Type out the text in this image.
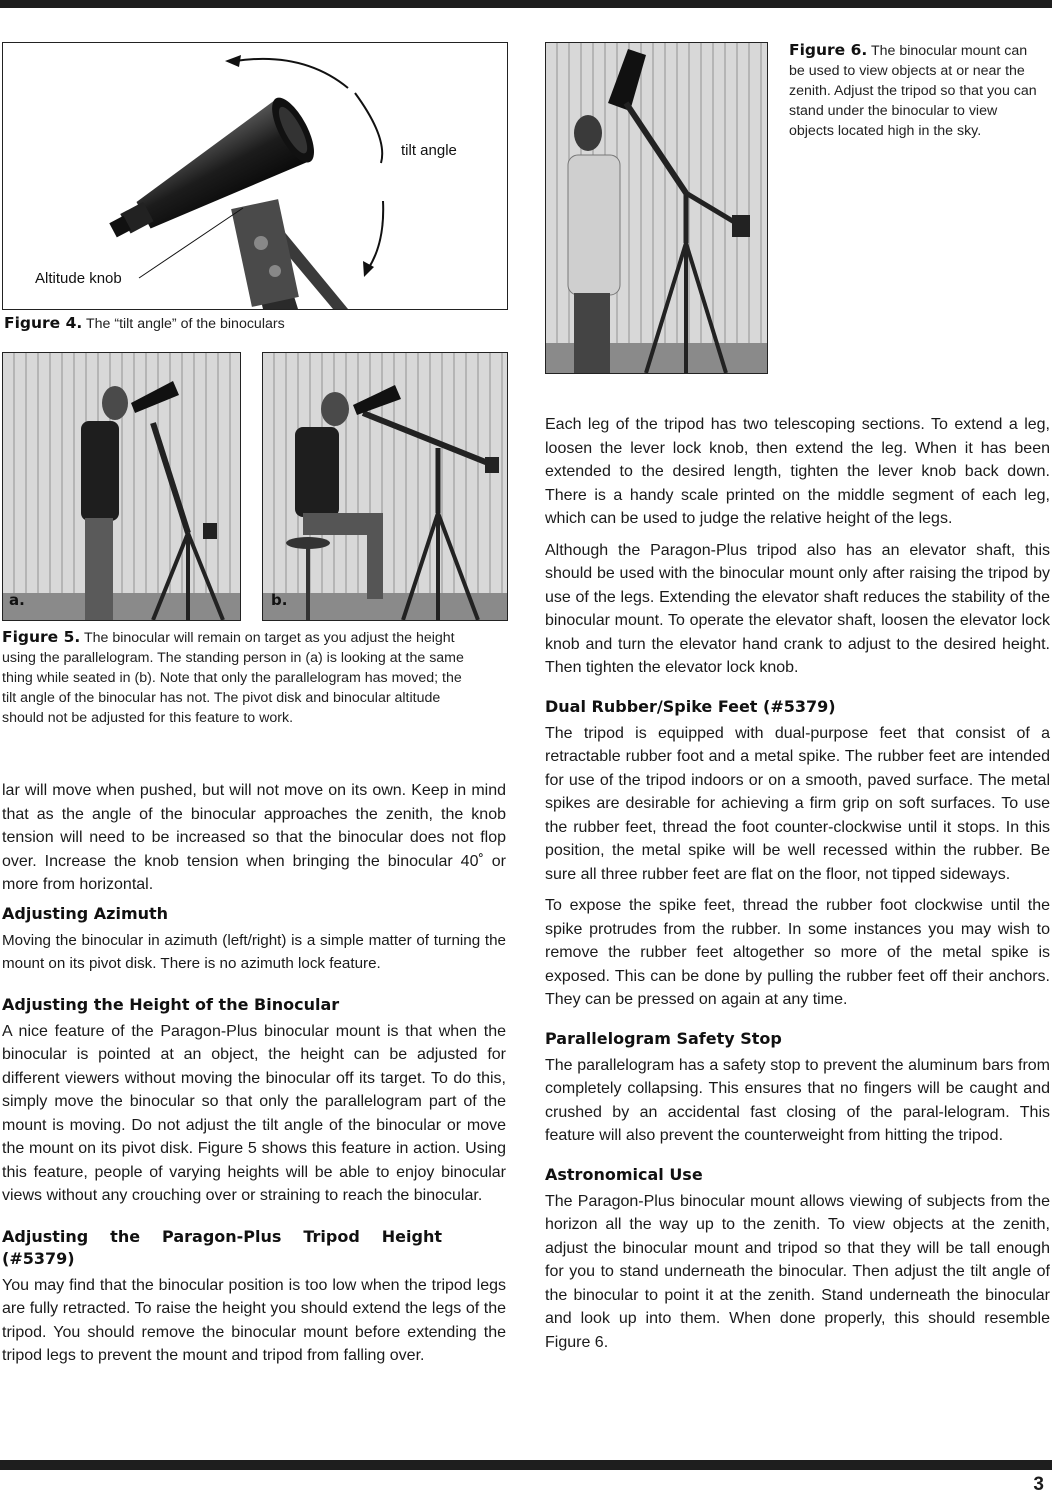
tilt angle
Altitude knob
Figure 4. The “tilt angle” of the binoculars
a.	b.
Figure 5. The binocular will remain on target as you adjust the height using the parallelogram. The standing person in (a) is looking at the same thing while seated in (b). Note that only the parallelogram has moved; the tilt angle of the binocular has not. The pivot disk and binocular altitude should not be adjusted for this feature to work.

lar will move when pushed, but will not move on its own. Keep in mind that as the angle of the binocular approaches the zenith, the knob tension will need to be increased so that the binocular does not flop over. Increase the knob tension when bringing the binocular 40˚ or more from horizontal.

Adjusting Azimuth

Moving the binocular in azimuth (left/right) is a simple matter of turning the mount on its pivot disk. There is no azimuth lock feature.

Adjusting the Height of the Binocular

A nice feature of the Paragon-Plus binocular mount is that when the binocular is pointed at an object, the height can be adjusted for different viewers without moving the binocular off its target. To do this, simply move the binocular so that only the parallelogram part of the mount is moving. Do not adjust the tilt angle of the binocular or move the mount on its pivot disk. Figure 5 shows this feature in action. Using this feature, people of varying heights will be able to enjoy binocular views without any crouching over or straining to reach the binocular.

Adjusting the Paragon-Plus Tripod Height (#5379)

You may find that the binocular position is too low when the tripod legs are fully retracted. To raise the height you should extend the legs of the tripod. You should remove the binocular mount before extending the tripod legs to prevent the mount and tripod from falling over.

Figure 6. The binocular mount can be used to view objects at or near the zenith. Adjust the tripod so that you can stand under the binocular to view objects located high in the sky.

Each leg of the tripod has two telescoping sections. To extend a leg, loosen the lever lock knob, then extend the leg. When it has been extended to the desired length, tighten the lever knob back down. There is a handy scale printed on the middle segment of each leg, which can be used to judge the relative height of the legs.

Although the Paragon-Plus tripod also has an elevator shaft, this should be used with the binocular mount only after raising the tripod by use of the legs. Extending the elevator shaft reduces the stability of the binocular mount. To operate the elevator shaft, loosen the elevator lock knob and turn the elevator hand crank to adjust to the desired height. Then tighten the elevator lock knob.

Dual Rubber/Spike Feet (#5379)

The tripod is equipped with dual-purpose feet that consist of a retractable rubber foot and a metal spike. The rubber feet are intended for use of the tripod indoors or on a smooth, paved surface. The metal spikes are desirable for achieving a firm grip on soft surfaces. To use the rubber feet, thread the foot counter-clockwise until it stops. In this position, the metal spike will be well recessed within the rubber. Be sure all three rubber feet are flat on the floor, not tipped sideways.

To expose the spike feet, thread the rubber foot clockwise until the spike protrudes from the rubber. In some instances you may wish to remove the rubber feet altogether so more of the metal spike is exposed. This can be done by pulling the rubber feet off their anchors. They can be pressed on again at any time.

Parallelogram Safety Stop

The parallelogram has a safety stop to prevent the aluminum bars from completely collapsing. This ensures that no fingers will be caught and crushed by an accidental fast closing of the paral-lelogram. This feature will also prevent the counterweight from hitting the tripod.

Astronomical Use

The Paragon-Plus binocular mount allows viewing of subjects from the horizon all the way up to the zenith. To view objects at the zenith, adjust the binocular mount and tripod so that they will be tall enough for you to stand underneath the binocular. Then adjust the tilt angle of the binocular to point it at the zenith. Stand underneath the binocular and look up into them. When done properly, this should resemble Figure 6.

3
